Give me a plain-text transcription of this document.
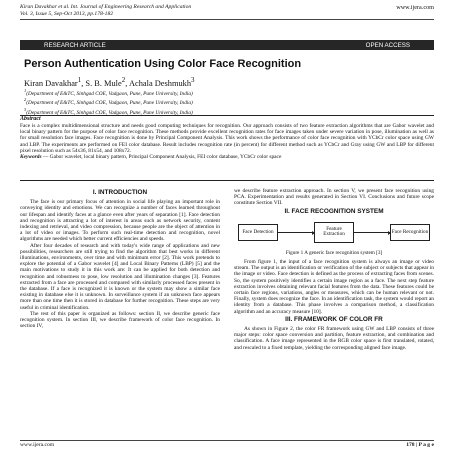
Kiran Davakhar et al. Int. Journal of Engineering Research and Application	www.ijera.com
Vol. 3, Issue 5, Sep-Oct 2013, pp.178-182
RESEARCH ARTICLE	OPEN ACCESS
Person Authentication Using Color Face Recognition
Kiran Davakhar$^1$, S. B. Mule$^2$, Achala Deshmukh$^3$
$^1$(Department of E&TC, Sinhgad COE, Vadgaon, Pune, Pune University, India)
$^2$(Department of E&TC, Sinhgad COE, Vadgaon, Pune, Pune University, India)
$^3$(Department of E&TC, Sinhgad COE, Vadgaon, Pune, Pune University, India)
Abstract
Face is a complex multidimensional structure and needs good computing techniques for recognition. Our approach consists of two feature extraction algorithms that are Gabor wavelet and local binary pattern for the purpose of color face recognition. These methods provide excellent recognition rates for face images taken under severe variation in pose, illumination as well as for small resolution face images. Face recognition is done by Principal Component Analysis. This work shows the performance of color face recognition with YCbCr color space using GW and LBP. The experiments are performed on FEI color database. Result includes recognition rate (in percent) for different method such as YCbCr and Gray using GW and LBP for different pixel resolution such as 54x36, 81x54, and 108x72.
Keywords — Gabor wavelet, local binary pattern, Principal Component Analysis, FEI color database, YCbCr color space
I. INTRODUCTION

The face is our primary focus of attention in social life playing an important role in conveying identity and emotions. We can recognize a number of faces learned throughout our lifespan and identify faces at a glance even after years of separation [1]. Face detection and recognition is attracting a lot of interest in areas such as network security, content indexing and retrieval, and video compression, because people are the object of attention in a lot of video or images. To perform such real-time detection and recognition, novel algorithms are needed which better current efficiencies and speeds.

After four decades of research and with today's wide range of applications and new possibilities, researchers are still trying to find the algorithm that best works in different illuminations, environments, over time and with minimum error [2]. This work pretends to explore the potential of a Gabor wavelet [4] and Local Binary Patterns (LBP) [5] and the main motivations to study it in this work are: It can be applied for both detection and recognition and robustness to pose, low resolution and illumination changes [3]. Features extracted from a face are processed and compared with similarly processed faces present in the database. If a face is recognized it is known or the system may show a similar face existing in database else it is unknown. In surveillance system if an unknown face appears more than one time then it is stored in database for further recognition. These steps are very useful in criminal identification.

The rest of this paper is organized as follows: section II, we describe generic face recognition system. In section III, we describe framework of color face recognition. In section IV,

we describe feature extraction approach. In section V, we present face recognition using PCA. Experimentation and results generated in Section VI. Conclusions and future scope constitute Section VII.

II. FACE RECOGNITION SYSTEM
Face Detection	Feature Extraction	Face Recognition
Figure 1 A generic face recognition system [3]

From figure 1, the input of a face recognition system is always an image or video stream. The output is an identification or verification of the subject or subjects that appear in the image or video. Face detection is defined as the process of extracting faces from scenes. So, the system positively identifies a certain image region as a face. The next step feature extraction involves obtaining relevant facial features from the data. These features could be certain face regions, variations, angles or measures, which can be human relevant or not. Finally, system does recognize the face. In an identification task, the system would report an identity from a database. This phase involves a comparison method, a classification algorithm and an accuracy measure [10].

III. FRAMEWORK OF COLOR FR

As shown in Figure 2, the color FR framework using GW and LBP consists of three major steps: color space conversion and partition, feature extraction, and combination and classification. A face image represented in the RGB color space is first translated, rotated, and rescaled to a fixed template, yielding the corresponding aligned face image.

www.ijera.com	178 | P a g e
